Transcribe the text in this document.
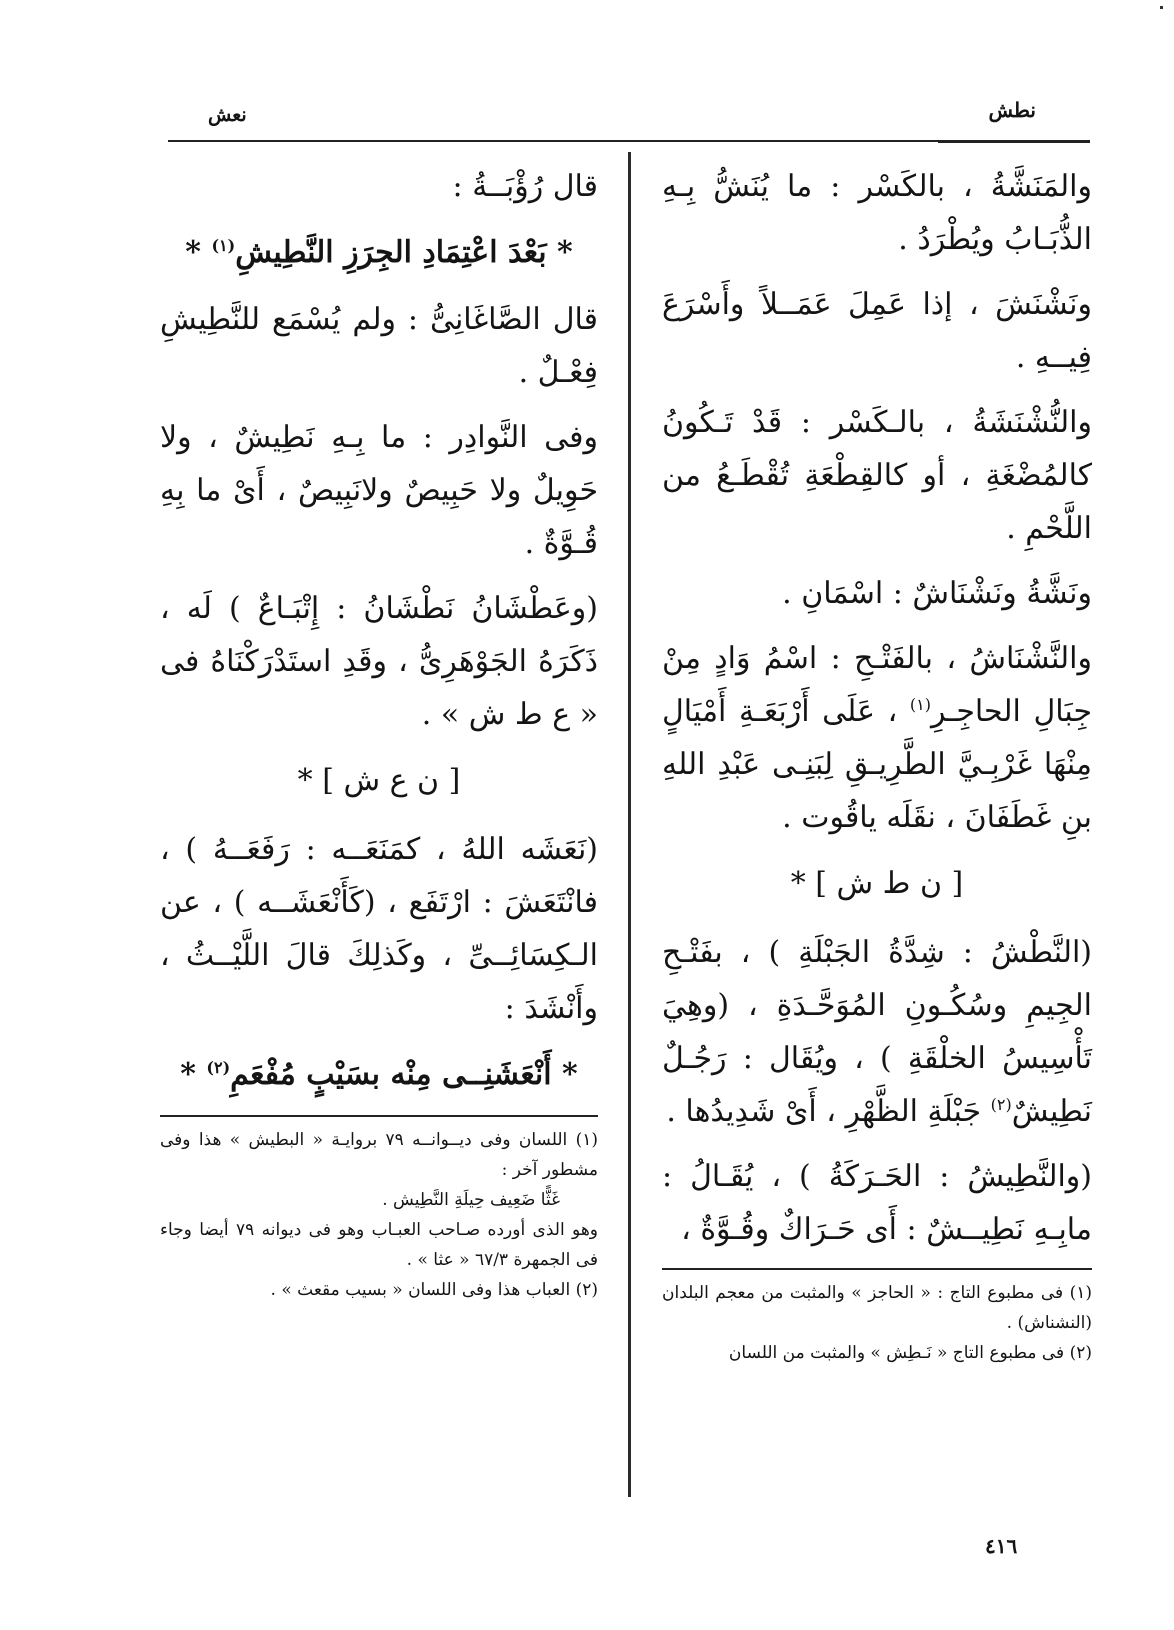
نطش
نعش

والمَنَشَّةُ ، بالكَسْر : ما يُنَشُّ بِـهِ الذُّبَـابُ ويُطْرَدُ .

ونَشْنَشَ ، إذا عَمِلَ عَمَــلاً وأَسْرَعَ فِيــهِ .

والنُّشْنَشَةُ ، بالـكَسْر : قَدْ تَـكُونُ كالمُضْغَةِ ، أو كالقِطْعَةِ تُقْطَـعُ من اللَّحْمِ .

ونَشَّةُ ونَشْنَاشٌ : اسْمَانِ .

والنَّشْنَاشُ ، بالفَتْـحِ : اسْمُ وَادٍ مِنْ جِبَالِ الحاجِـرِ$^{(١)}$ ، عَلَى أَرْبَعَـةِ أَمْيَالٍ مِنْهَا غَرْبِـيَّ الطَّرِيـقِ لِبَنِـى عَبْدِ اللهِ بنِ غَطَفَانَ ، نقَلَه ياقُوت .

[ ن ط ش ] *

(النَّطْشُ : شِدَّةُ الجَبْلَةِ ) ، بفَتْـحِ الجِيمِ وسُكُـونِ المُوَحَّـدَةِ ، (وهِيَ تَأْسِيسُ الخلْقَةِ ) ، ويُقَال : رَجُـلٌ نَطِيشٌ$^{(٢)}$ جَبْلَةِ الظَّهْرِ ، أَىْ شَدِيدُها .

(والنَّطِيشُ : الحَـرَكَةُ ) ، يُقَـالُ : مابِـهِ نَطِيــشٌ : أَى حَـرَاكٌ وقُـوَّةٌ ،

(١) فى مطبوع التاج : « الحاجز » والمثبت من معجم البلدان (النشناش) .

(٢) فى مطبوع التاج « نَـطِش » والمثبت من اللسان

قال رُؤْبَــةُ :

* بَعْدَ اعْتِمَادِ الجِرَزِ النَّطِيشِ$^{(١)}$ *

قال الصَّاغَانِىُّ : ولم يُسْمَع للنَّطِيشِ فِعْـلٌ .

وفى النَّوادِر : ما بِـهِ نَطِيشٌ ، ولا حَوِيلٌ ولا حَبِيصٌ ولانَبِيصٌ ، أَىْ ما بِهِ قُـوَّةٌ .

(وعَطْشَانُ نَطْشَانُ : إِتْبَـاعٌ ) لَه ، ذَكَرَهُ الجَوْهَرِىُّ ، وقَدِ استَدْرَكْنَاهُ فى « ع ط ش » .

[ ن ع ش ] *

(نَعَشَه اللهُ ، كمَنَعَــه : رَفَعَــهُ ) ، فانْتَعَشَ : ارْتَفَع ، (كَأَنْعَشَــه ) ، عن الـكِسَائِــىِّ ، وكَذلِكَ قالَ اللَّيْــثُ ، وأَنْشَدَ :

* أَنْعَشَنِــى مِنْه بسَيْبٍ مُفْعَمِ$^{(٢)}$ *

(١) اللسان وفى ديــوانــه ٧٩ بروايـة « البطيش » هذا وفى مشطور آخر :

غَثًّا ضَعِيف حِيلَةِ النَّطِيش .

وهو الذى أورده صـاحب العبـاب وهو فى ديوانه ٧٩ أيضا وجاء فى الجمهرة ٦٧/٣ « عثا » .

(٢) العباب هذا وفى اللسان « بسيب مقعث » .

٤١٦
